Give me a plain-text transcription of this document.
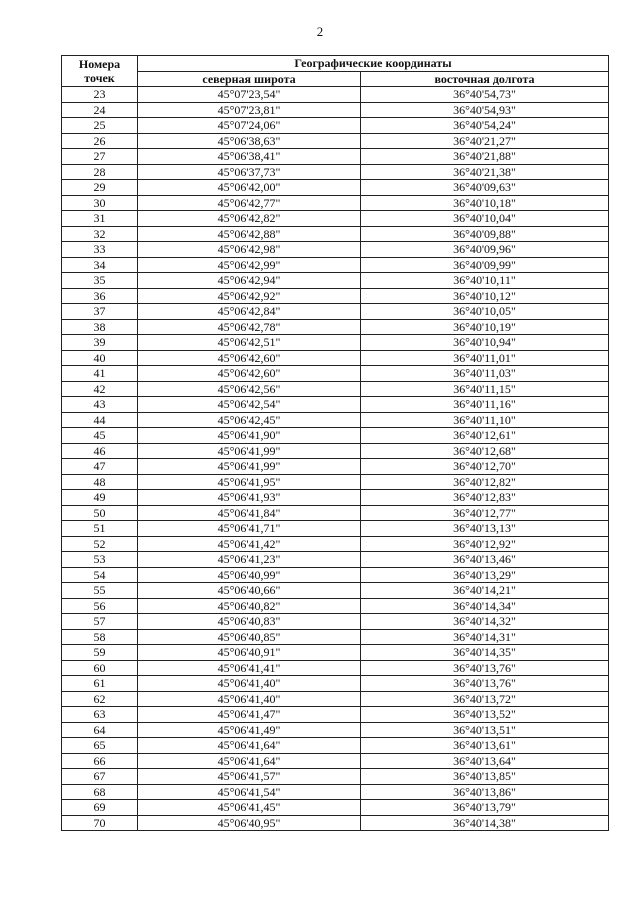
2
Номера
точек	Географические координаты	
	северная широта	восточная долгота
23	45°07'23,54"	36°40'54,73"
24	45°07'23,81"	36°40'54,93"
25	45°07'24,06"	36°40'54,24"
26	45°06'38,63"	36°40'21,27"
27	45°06'38,41"	36°40'21,88"
28	45°06'37,73"	36°40'21,38"
29	45°06'42,00"	36°40'09,63"
30	45°06'42,77"	36°40'10,18"
31	45°06'42,82"	36°40'10,04"
32	45°06'42,88"	36°40'09,88"
33	45°06'42,98"	36°40'09,96"
34	45°06'42,99"	36°40'09,99"
35	45°06'42,94"	36°40'10,11"
36	45°06'42,92"	36°40'10,12"
37	45°06'42,84"	36°40'10,05"
38	45°06'42,78"	36°40'10,19"
39	45°06'42,51"	36°40'10,94"
40	45°06'42,60"	36°40'11,01"
41	45°06'42,60"	36°40'11,03"
42	45°06'42,56"	36°40'11,15"
43	45°06'42,54"	36°40'11,16"
44	45°06'42,45"	36°40'11,10"
45	45°06'41,90"	36°40'12,61"
46	45°06'41,99"	36°40'12,68"
47	45°06'41,99"	36°40'12,70"
48	45°06'41,95"	36°40'12,82"
49	45°06'41,93"	36°40'12,83"
50	45°06'41,84"	36°40'12,77"
51	45°06'41,71"	36°40'13,13"
52	45°06'41,42"	36°40'12,92"
53	45°06'41,23"	36°40'13,46"
54	45°06'40,99"	36°40'13,29"
55	45°06'40,66"	36°40'14,21"
56	45°06'40,82"	36°40'14,34"
57	45°06'40,83"	36°40'14,32"
58	45°06'40,85"	36°40'14,31"
59	45°06'40,91"	36°40'14,35"
60	45°06'41,41"	36°40'13,76"
61	45°06'41,40"	36°40'13,76"
62	45°06'41,40"	36°40'13,72"
63	45°06'41,47"	36°40'13,52"
64	45°06'41,49"	36°40'13,51"
65	45°06'41,64"	36°40'13,61"
66	45°06'41,64"	36°40'13,64"
67	45°06'41,57"	36°40'13,85"
68	45°06'41,54"	36°40'13,86"
69	45°06'41,45"	36°40'13,79"
70	45°06'40,95"	36°40'14,38"
